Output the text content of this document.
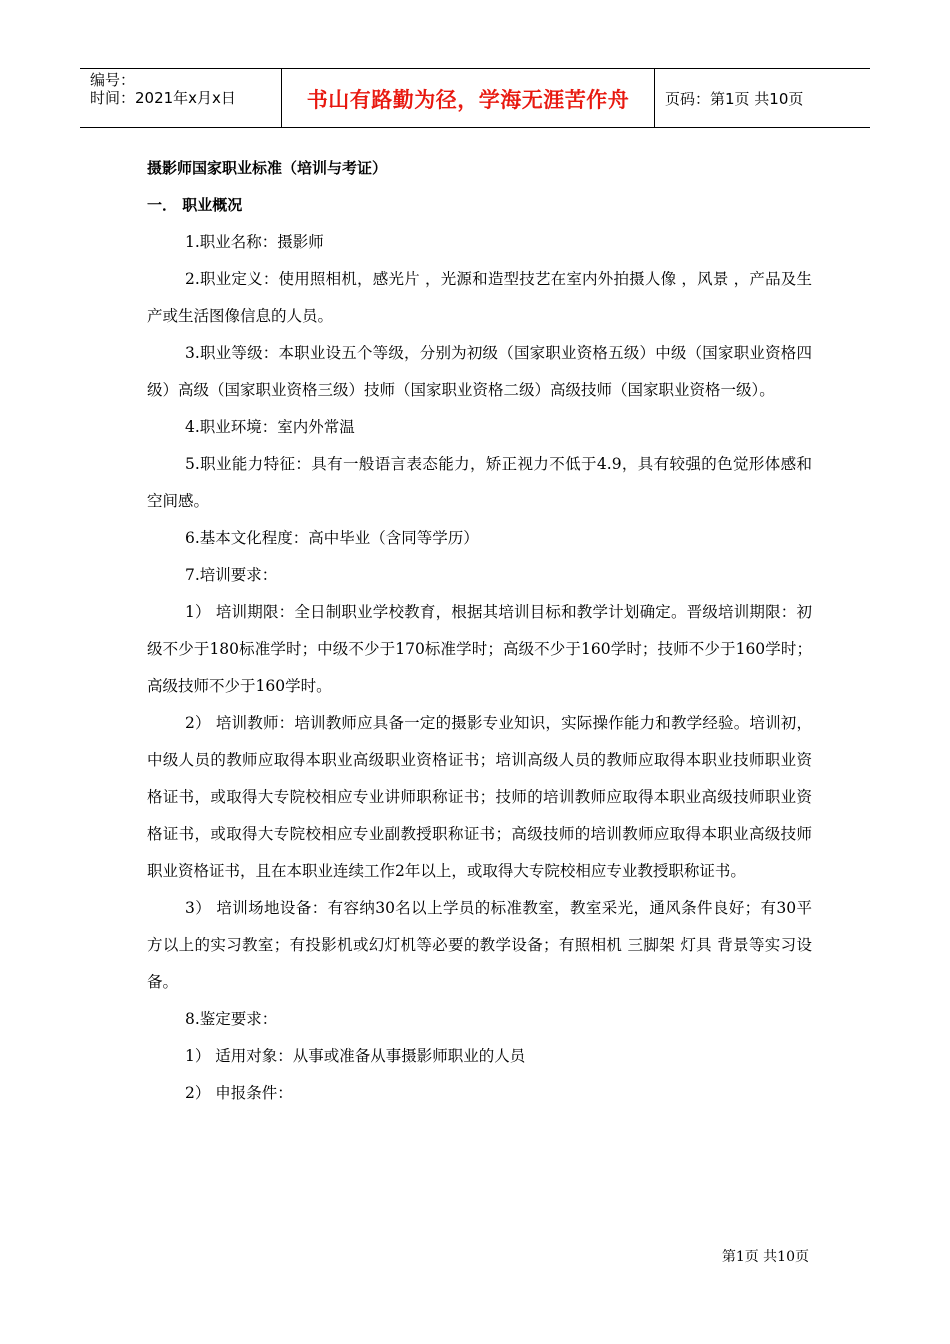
编号：
时间：2021年x月x日	书山有路勤为径，学海无涯苦作舟 页码：第1页 共10页
摄影师国家职业标准（培训与考证）
一． 职业概况
1.职业名称：摄影师
2.职业定义：使用照相机，感光片 ，光源和造型技艺在室内外拍摄人像 ，风景 ，产品及生产或生活图像信息的人员。
3.职业等级：本职业设五个等级，分别为初级（国家职业资格五级）中级（国家职业资格四级）高级（国家职业资格三级）技师（国家职业资格二级）高级技师（国家职业资格一级）。
4.职业环境：室内外常温
5.职业能力特征：具有一般语言表态能力，矫正视力不低于4.9，具有较强的色觉形体感和空间感。
6.基本文化程度：高中毕业（含同等学历）
7.培训要求：
1） 培训期限：全日制职业学校教育，根据其培训目标和教学计划确定。晋级培训期限：初级不少于180标准学时；中级不少于170标准学时；高级不少于160学时；技师不少于160学时；高级技师不少于160学时。
2） 培训教师：培训教师应具备一定的摄影专业知识，实际操作能力和教学经验。培训初，中级人员的教师应取得本职业高级职业资格证书；培训高级人员的教师应取得本职业技师职业资格证书，或取得大专院校相应专业讲师职称证书；技师的培训教师应取得本职业高级技师职业资格证书，或取得大专院校相应专业副教授职称证书；高级技师的培训教师应取得本职业高级技师职业资格证书，且在本职业连续工作2年以上，或取得大专院校相应专业教授职称证书。
3） 培训场地设备：有容纳30名以上学员的标准教室，教室采光，通风条件良好；有30平方以上的实习教室；有投影机或幻灯机等必要的教学设备；有照相机 三脚架 灯具 背景等实习设备。
8.鉴定要求：
1） 适用对象：从事或准备从事摄影师职业的人员
2） 申报条件：
第1页 共10页
